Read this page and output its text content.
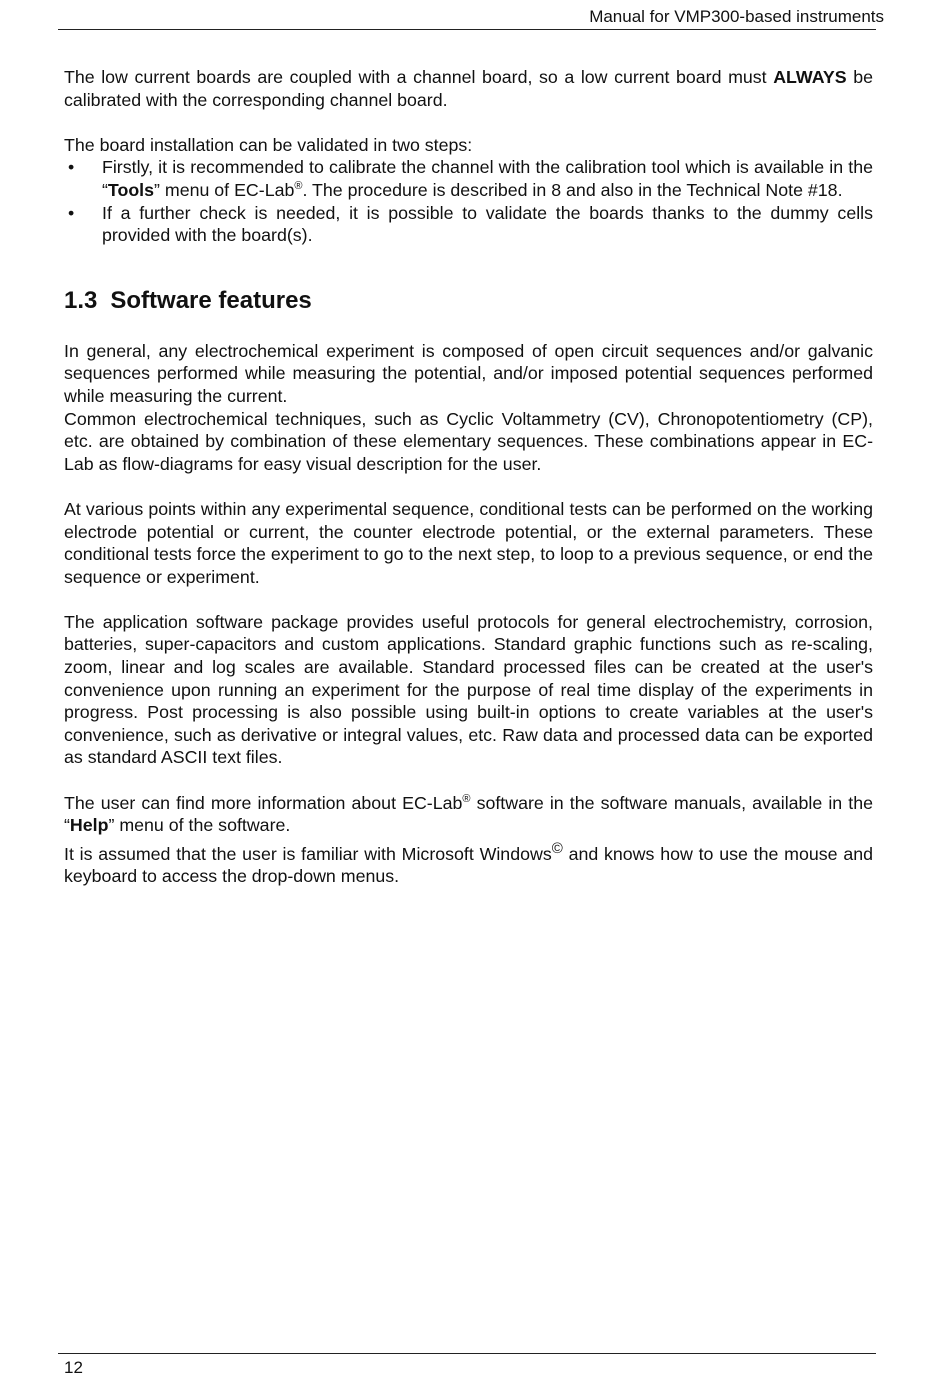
Manual for VMP300-based instruments

The low current boards are coupled with a channel board, so a low current board must ALWAYS be calibrated with the corresponding channel board.

The board installation can be validated in two steps:

• Firstly, it is recommended to calibrate the channel with the calibration tool which is available in the “Tools” menu of EC-Lab®. The procedure is described in 8 and also in the Technical Note #18.
• If a further check is needed, it is possible to validate the boards thanks to the dummy cells provided with the board(s).
1.3 Software features

In general, any electrochemical experiment is composed of open circuit sequences and/or galvanic sequences performed while measuring the potential, and/or imposed potential sequences performed while measuring the current.

Common electrochemical techniques, such as Cyclic Voltammetry (CV), Chronopotentiometry (CP), etc. are obtained by combination of these elementary sequences. These combinations appear in EC-Lab as flow-diagrams for easy visual description for the user.

At various points within any experimental sequence, conditional tests can be performed on the working electrode potential or current, the counter electrode potential, or the external parameters. These conditional tests force the experiment to go to the next step, to loop to a previous sequence, or end the sequence or experiment.

The application software package provides useful protocols for general electrochemistry, corrosion, batteries, super-capacitors and custom applications. Standard graphic functions such as re-scaling, zoom, linear and log scales are available. Standard processed files can be created at the user's convenience upon running an experiment for the purpose of real time display of the experiments in progress. Post processing is also possible using built-in options to create variables at the user's convenience, such as derivative or integral values, etc. Raw data and processed data can be exported as standard ASCII text files.

The user can find more information about EC-Lab® software in the software manuals, available in the “Help” menu of the software.

It is assumed that the user is familiar with Microsoft Windows© and knows how to use the mouse and keyboard to access the drop-down menus.

12
